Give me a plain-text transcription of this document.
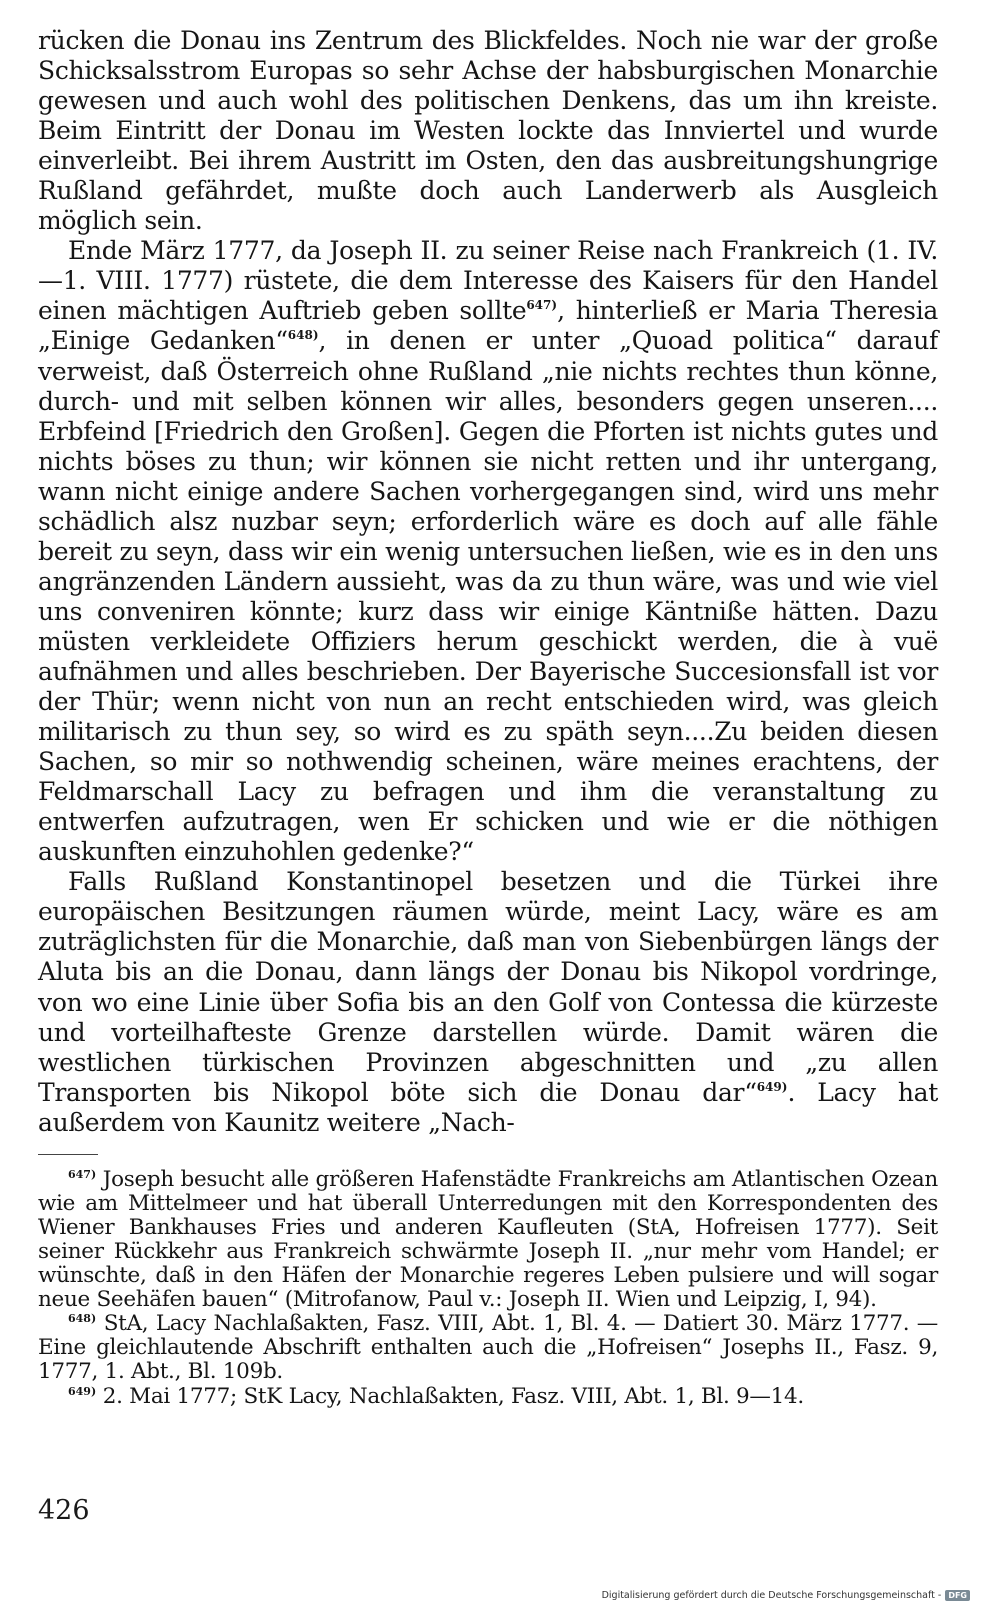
rücken die Donau ins Zentrum des Blickfeldes. Noch nie war der große Schicksalsstrom Europas so sehr Achse der habsburgischen Monarchie gewesen und auch wohl des politischen Denkens, das um ihn kreiste. Beim Eintritt der Donau im Westen lockte das Innviertel und wurde einverleibt. Bei ihrem Austritt im Osten, den das ausbreitungshungrige Rußland gefährdet, mußte doch auch Landerwerb als Ausgleich möglich sein.

Ende März 1777, da Joseph II. zu seiner Reise nach Frankreich (1. IV.—1. VIII. 1777) rüstete, die dem Interesse des Kaisers für den Handel einen mächtigen Auftrieb geben sollte$^{647)}$, hinterließ er Maria Theresia „Einige Gedanken“$^{648)}$, in denen er unter „Quoad politica“ darauf verweist, daß Österreich ohne Rußland „nie nichts rechtes thun könne, durch- und mit selben können wir alles, besonders gegen unseren.... Erbfeind [Friedrich den Großen]. Gegen die Pforten ist nichts gutes und nichts böses zu thun; wir können sie nicht retten und ihr untergang, wann nicht einige andere Sachen vorhergegangen sind, wird uns mehr schädlich alsz nuzbar seyn; erforderlich wäre es doch auf alle fähle bereit zu seyn, dass wir ein wenig untersuchen ließen, wie es in den uns angränzenden Ländern aussieht, was da zu thun wäre, was und wie viel uns conveniren könnte; kurz dass wir einige Käntniße hätten. Dazu müsten verkleidete Offiziers herum geschickt werden, die à vuë aufnähmen und alles beschrieben. Der Bayerische Succesionsfall ist vor der Thür; wenn nicht von nun an recht entschieden wird, was gleich militarisch zu thun sey, so wird es zu späth seyn....Zu beiden diesen Sachen, so mir so nothwendig scheinen, wäre meines erachtens, der Feldmarschall Lacy zu befragen und ihm die veranstaltung zu entwerfen aufzutragen, wen Er schicken und wie er die nöthigen auskunften einzuhohlen gedenke?“

Falls Rußland Konstantinopel besetzen und die Türkei ihre europäischen Besitzungen räumen würde, meint Lacy, wäre es am zuträglichsten für die Monarchie, daß man von Siebenbürgen längs der Aluta bis an die Donau, dann längs der Donau bis Nikopol vordringe, von wo eine Linie über Sofia bis an den Golf von Contessa die kürzeste und vorteilhafteste Grenze darstellen würde. Damit wären die westlichen türkischen Provinzen abgeschnitten und „zu allen Transporten bis Nikopol böte sich die Donau dar“$^{649)}$. Lacy hat außerdem von Kaunitz weitere „Nach-

$^{647)}$ Joseph besucht alle größeren Hafenstädte Frankreichs am Atlantischen Ozean wie am Mittelmeer und hat überall Unterredungen mit den Korrespondenten des Wiener Bankhauses Fries und anderen Kaufleuten (StA, Hofreisen 1777). Seit seiner Rückkehr aus Frankreich schwärmte Joseph II. „nur mehr vom Handel; er wünschte, daß in den Häfen der Monarchie regeres Leben pulsiere und will sogar neue Seehäfen bauen“ (Mitrofanow, Paul v.: Joseph II. Wien und Leipzig, I, 94).

$^{648)}$ StA, Lacy Nachlaßakten, Fasz. VIII, Abt. 1, Bl. 4. — Datiert 30. März 1777. — Eine gleichlautende Abschrift enthalten auch die „Hofreisen“ Josephs II., Fasz. 9, 1777, 1. Abt., Bl. 109b.

$^{649)}$ 2. Mai 1777; StK Lacy, Nachlaßakten, Fasz. VIII, Abt. 1, Bl. 9—14.

426
Digitalisierung gefördert durch die Deutsche Forschungsgemeinschaft - DFG
